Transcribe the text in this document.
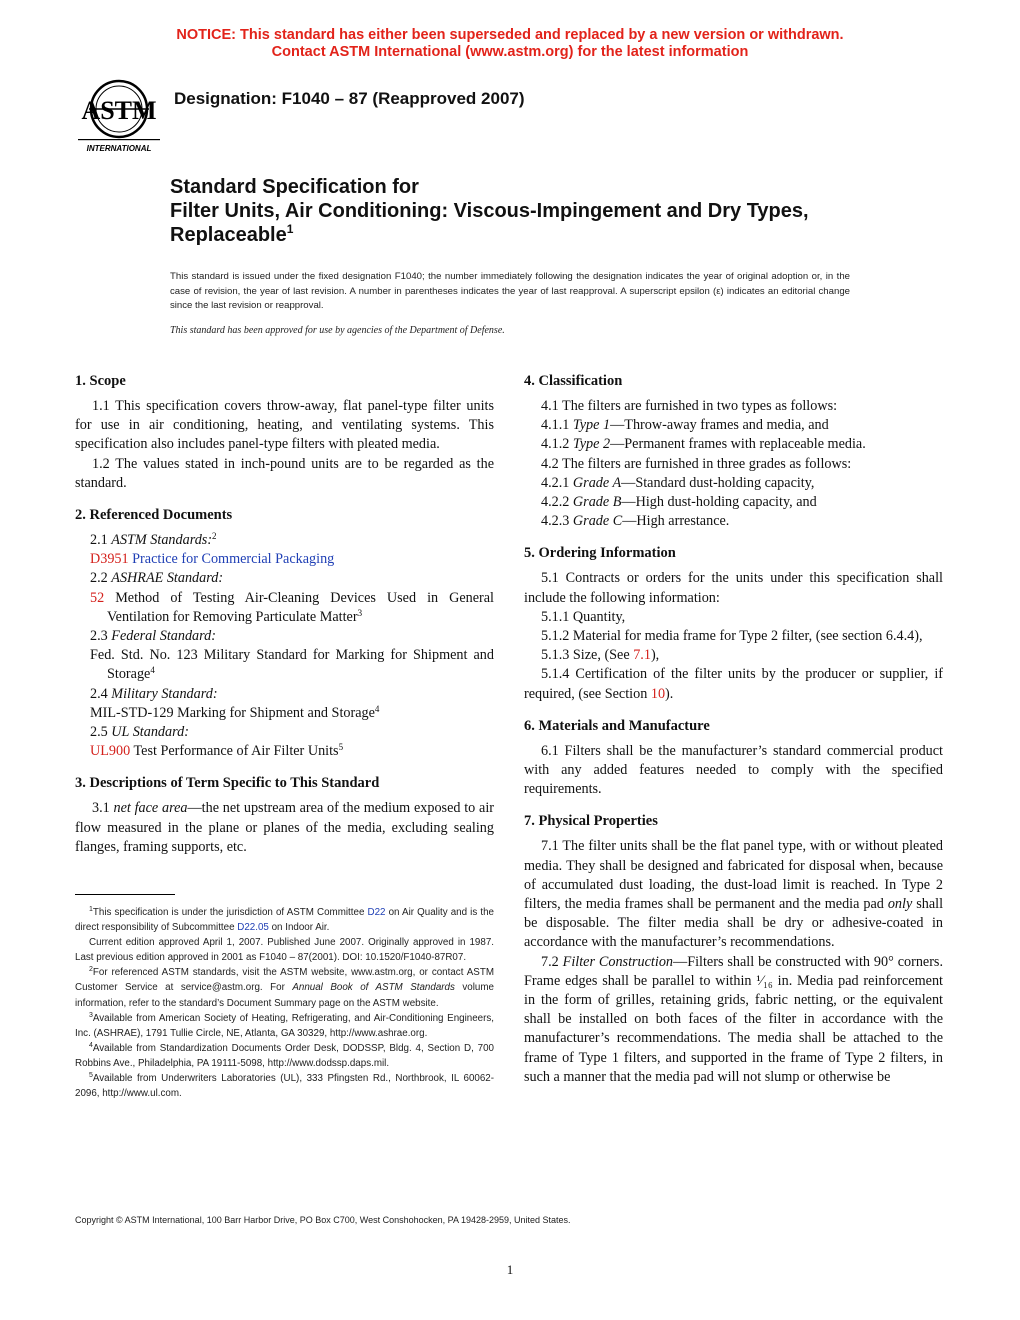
NOTICE: This standard has either been superseded and replaced by a new version or withdrawn.
Contact ASTM International (www.astm.org) for the latest information
ASTM
INTERNATIONAL
Designation: F1040 – 87 (Reapproved 2007)
Standard Specification for
Filter Units, Air Conditioning: Viscous-Impingement and Dry Types, Replaceable$^1$
This standard is issued under the fixed designation F1040; the number immediately following the designation indicates the year of original adoption or, in the case of revision, the year of last revision. A number in parentheses indicates the year of last reapproval. A superscript epsilon (ε) indicates an editorial change since the last revision or reapproval.
This standard has been approved for use by agencies of the Department of Defense.
1. Scope

1.1 This specification covers throw-away, flat panel-type filter units for use in air conditioning, heating, and ventilating systems. This specification also includes panel-type filters with pleated media.

1.2 The values stated in inch-pound units are to be regarded as the standard.

2. Referenced Documents
2.1 ASTM Standards:$^2$
D3951 Practice for Commercial Packaging
2.2 ASHRAE Standard:
52 Method of Testing Air-Cleaning Devices Used in General Ventilation for Removing Particulate Matter$^3$
2.3 Federal Standard:
Fed. Std. No. 123 Military Standard for Marking for Shipment and Storage$^4$
2.4 Military Standard:
MIL-STD-129 Marking for Shipment and Storage$^4$
2.5 UL Standard:
UL900 Test Performance of Air Filter Units$^5$
3. Descriptions of Term Specific to This Standard

3.1 net face area—the net upstream area of the medium exposed to air flow measured in the plane or planes of the media, excluding sealing flanges, framing supports, etc.

4. Classification
4.1 The filters are furnished in two types as follows:
4.1.1 Type 1—Throw-away frames and media, and
4.1.2 Type 2—Permanent frames with replaceable media.
4.2 The filters are furnished in three grades as follows:
4.2.1 Grade A—Standard dust-holding capacity,
4.2.2 Grade B—High dust-holding capacity, and
4.2.3 Grade C—High arrestance.
5. Ordering Information

5.1 Contracts or orders for the units under this specification shall include the following information:

5.1.1 Quantity,

5.1.2 Material for media frame for Type 2 filter, (see section 6.4.4),

5.1.3 Size, (See 7.1),

5.1.4 Certification of the filter units by the producer or supplier, if required, (see Section 10).

6. Materials and Manufacture

6.1 Filters shall be the manufacturer’s standard commercial product with any added features needed to comply with the specified requirements.

7. Physical Properties

7.1 The filter units shall be the flat panel type, with or without pleated media. They shall be designed and fabricated for disposal when, because of accumulated dust loading, the dust-load limit is reached. In Type 2 filters, the media frames shall be permanent and the media pad only shall be disposable. The filter media shall be dry or adhesive-coated in accordance with the manufacturer’s recommendations.

7.2 Filter Construction—Filters shall be constructed with 90° corners. Frame edges shall be parallel to within ¹⁄₁₆ in. Media pad reinforcement in the form of grilles, retaining grids, fabric netting, or the equivalent shall be installed on both faces of the filter in accordance with the manufacturer’s recommendations. The media shall be attached to the frame of Type 1 filters, and supported in the frame of Type 2 filters, in such a manner that the media pad will not slump or otherwise be

$^1$This specification is under the jurisdiction of ASTM Committee D22 on Air Quality and is the direct responsibility of Subcommittee D22.05 on Indoor Air.

Current edition approved April 1, 2007. Published June 2007. Originally approved in 1987. Last previous edition approved in 2001 as F1040 – 87(2001). DOI: 10.1520/F1040-87R07.

$^2$For referenced ASTM standards, visit the ASTM website, www.astm.org, or contact ASTM Customer Service at service@astm.org. For Annual Book of ASTM Standards volume information, refer to the standard’s Document Summary page on the ASTM website.

$^3$Available from American Society of Heating, Refrigerating, and Air-Conditioning Engineers, Inc. (ASHRAE), 1791 Tullie Circle, NE, Atlanta, GA 30329, http://www.ashrae.org.

$^4$Available from Standardization Documents Order Desk, DODSSP, Bldg. 4, Section D, 700 Robbins Ave., Philadelphia, PA 19111-5098, http://www.dodssp.daps.mil.

$^5$Available from Underwriters Laboratories (UL), 333 Pfingsten Rd., Northbrook, IL 60062-2096, http://www.ul.com.

Copyright © ASTM International, 100 Barr Harbor Drive, PO Box C700, West Conshohocken, PA 19428-2959, United States.
1
